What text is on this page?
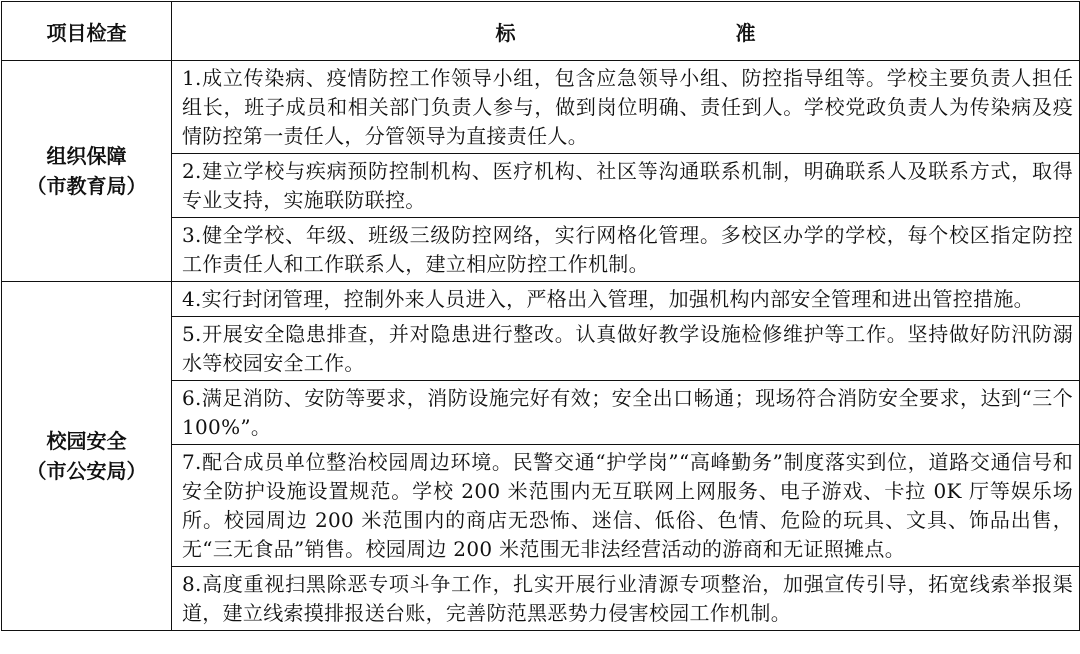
项目检查	标 准

组织保障
（市教育局）	1.成立传染病、疫情防控工作领导小组，包含应急领导小组、防控指导组等。学校主要负责人担任组长，班子成员和相关部门负责人参与，做到岗位明确、责任到人。学校党政负责人为传染病及疫情防控第一责任人，分管领导为直接责任人。
	2.建立学校与疾病预防控制机构、医疗机构、社区等沟通联系机制，明确联系人及联系方式，取得专业支持，实施联防联控。
	3.健全学校、年级、班级三级防控网络，实行网格化管理。多校区办学的学校，每个校区指定防控工作责任人和工作联系人，建立相应防控工作机制。

校园安全
（市公安局）	4.实行封闭管理，控制外来人员进入，严格出入管理，加强机构内部安全管理和进出管控措施。
	5.开展安全隐患排查，并对隐患进行整改。认真做好教学设施检修维护等工作。坚持做好防汛防溺水等校园安全工作。
	6.满足消防、安防等要求，消防设施完好有效；安全出口畅通；现场符合消防安全要求，达到“三个 100%”。
	7.配合成员单位整治校园周边环境。民警交通“护学岗”“高峰勤务”制度落实到位，道路交通信号和安全防护设施设置规范。学校 200 米范围内无互联网上网服务、电子游戏、卡拉 0K 厅等娱乐场所。校园周边 200 米范围内的商店无恐怖、迷信、低俗、色情、危险的玩具、文具、饰品出售，无“三无食品”销售。校园周边 200 米范围无非法经营活动的游商和无证照摊点。
	8.高度重视扫黑除恶专项斗争工作，扎实开展行业清源专项整治，加强宣传引导，拓宽线索举报渠道，建立线索摸排报送台账，完善防范黑恶势力侵害校园工作机制。
